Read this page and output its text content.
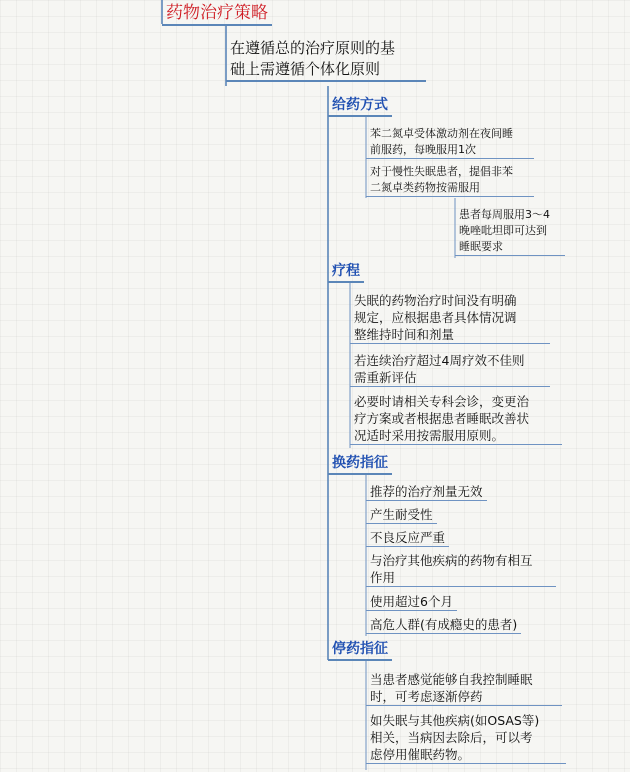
药物治疗策略
在遵循总的治疗原则的基
础上需遵循个体化原则
给药方式
苯二氮卓受体激动剂在夜间睡
前服药，每晚服用1次
对于慢性失眠患者，提倡非苯
二氮卓类药物按需服用
患者每周服用3～4
晚唑吡坦即可达到
睡眠要求
疗程
失眠的药物治疗时间没有明确
规定，应根据患者具体情况调
整维持时间和剂量
若连续治疗超过4周疗效不佳则
需重新评估
必要时请相关专科会诊，变更治
疗方案或者根据患者睡眠改善状
况适时采用按需服用原则。
换药指征
推荐的治疗剂量无效
产生耐受性
不良反应严重
与治疗其他疾病的药物有相互
作用
使用超过6个月
高危人群(有成瘾史的患者)
停药指征
当患者感觉能够自我控制睡眠
时，可考虑逐渐停药
如失眠与其他疾病(如OSAS等)
相关，当病因去除后，可以考
虑停用催眠药物。
